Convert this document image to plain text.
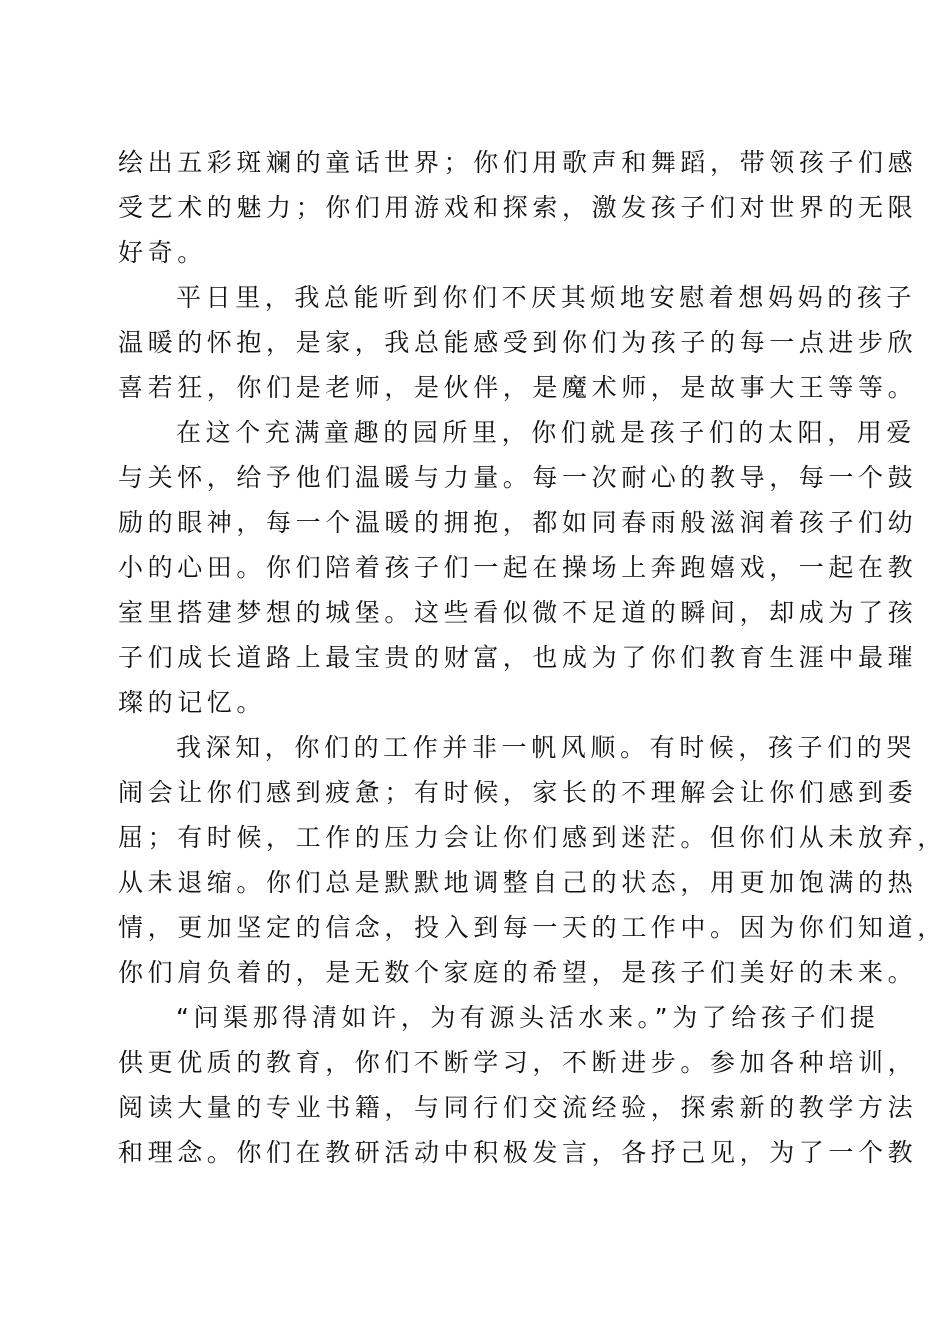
绘出五彩斑斓的童话世界；你们用歌声和舞蹈，带领孩子们感
受艺术的魅力；你们用游戏和探索，激发孩子们对世界的无限
好奇。
平日里，我总能听到你们不厌其烦地安慰着想妈妈的孩子
温暖的怀抱，是家，我总能感受到你们为孩子的每一点进步欣
喜若狂，你们是老师，是伙伴，是魔术师，是故事大王等等。
在这个充满童趣的园所里，你们就是孩子们的太阳，用爱
与关怀，给予他们温暖与力量。每一次耐心的教导，每一个鼓
励的眼神，每一个温暖的拥抱，都如同春雨般滋润着孩子们幼
小的心田。你们陪着孩子们一起在操场上奔跑嬉戏，一起在教
室里搭建梦想的城堡。这些看似微不足道的瞬间，却成为了孩
子们成长道路上最宝贵的财富，也成为了你们教育生涯中最璀
璨的记忆。
我深知，你们的工作并非一帆风顺。有时候，孩子们的哭
闹会让你们感到疲惫；有时候，家长的不理解会让你们感到委
屈；有时候，工作的压力会让你们感到迷茫。但你们从未放弃，
从未退缩。你们总是默默地调整自己的状态，用更加饱满的热
情，更加坚定的信念，投入到每一天的工作中。因为你们知道，
你们肩负着的，是无数个家庭的希望，是孩子们美好的未来。
“问渠那得清如许，为有源头活水来。”为了给孩子们提
供更优质的教育，你们不断学习，不断进步。参加各种培训，
阅读大量的专业书籍，与同行们交流经验，探索新的教学方法
和理念。你们在教研活动中积极发言，各抒己见，为了一个教
